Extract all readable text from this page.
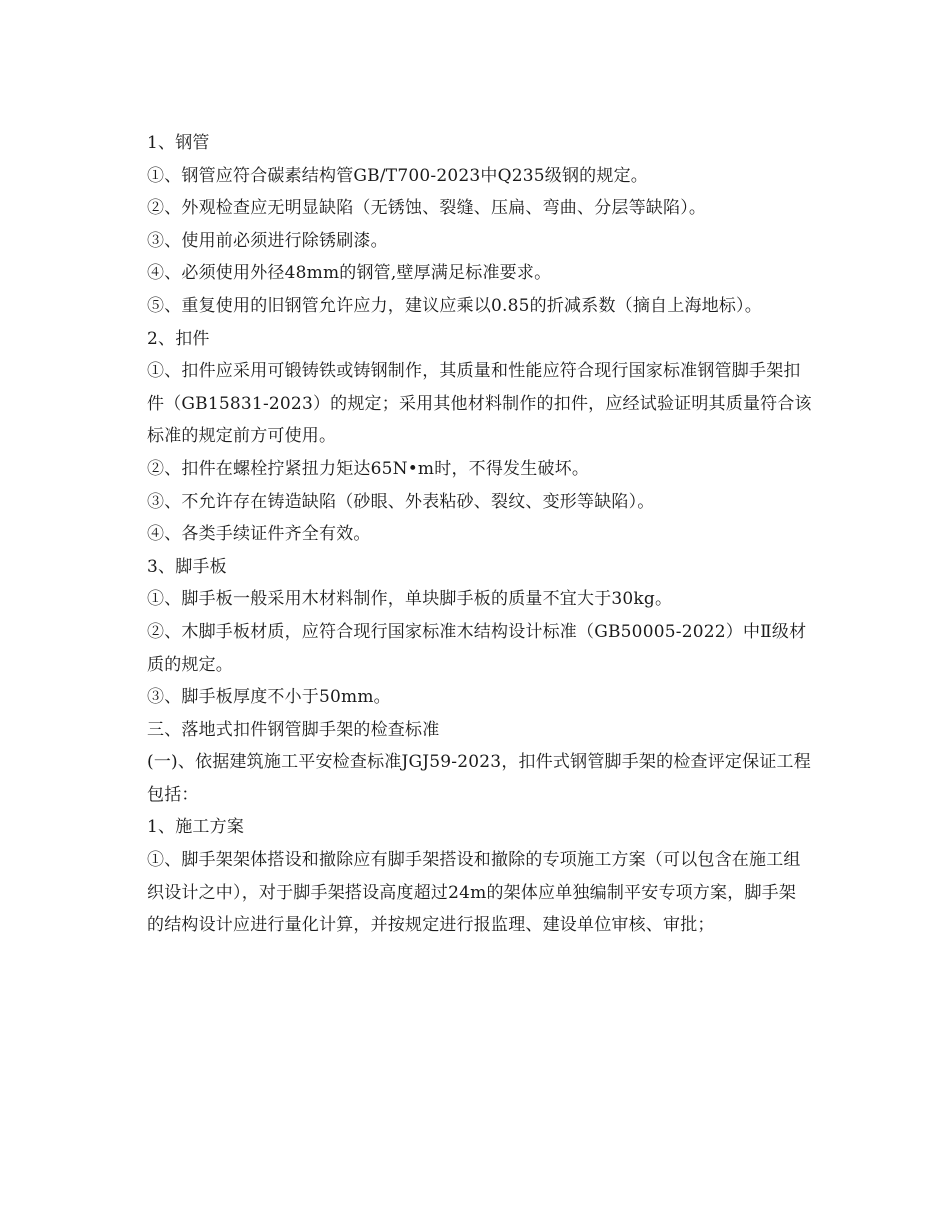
1、钢管

①、钢管应符合碳素结构管GB/T700-2023中Q235级钢的规定。

②、外观检查应无明显缺陷（无锈蚀、裂缝、压扁、弯曲、分层等缺陷）。

③、使用前必须进行除锈刷漆。

④、必须使用外径48mm的钢管,壁厚满足标准要求。

⑤、重复使用的旧钢管允许应力，建议应乘以0.85的折减系数（摘自上海地标）。

2、扣件

①、扣件应采用可锻铸铁或铸钢制作，其质量和性能应符合现行国家标准钢管脚手架扣件（GB15831-2023）的规定；采用其他材料制作的扣件，应经试验证明其质量符合该标准的规定前方可使用。

②、扣件在螺栓拧紧扭力矩达65N•m时，不得发生破坏。

③、不允许存在铸造缺陷（砂眼、外表粘砂、裂纹、变形等缺陷）。

④、各类手续证件齐全有效。

3、脚手板

①、脚手板一般采用木材料制作，单块脚手板的质量不宜大于30kg。

②、木脚手板材质，应符合现行国家标准木结构设计标准（GB50005-2022）中Ⅱ级材质的规定。

③、脚手板厚度不小于50mm。

三、落地式扣件钢管脚手架的检查标准

(一)、依据建筑施工平安检查标准JGJ59-2023，扣件式钢管脚手架的检查评定保证工程包括：

1、施工方案

①、脚手架架体搭设和撤除应有脚手架搭设和撤除的专项施工方案（可以包含在施工组织设计之中），对于脚手架搭设高度超过24m的架体应单独编制平安专项方案，脚手架的结构设计应进行量化计算，并按规定进行报监理、建设单位审核、审批；
